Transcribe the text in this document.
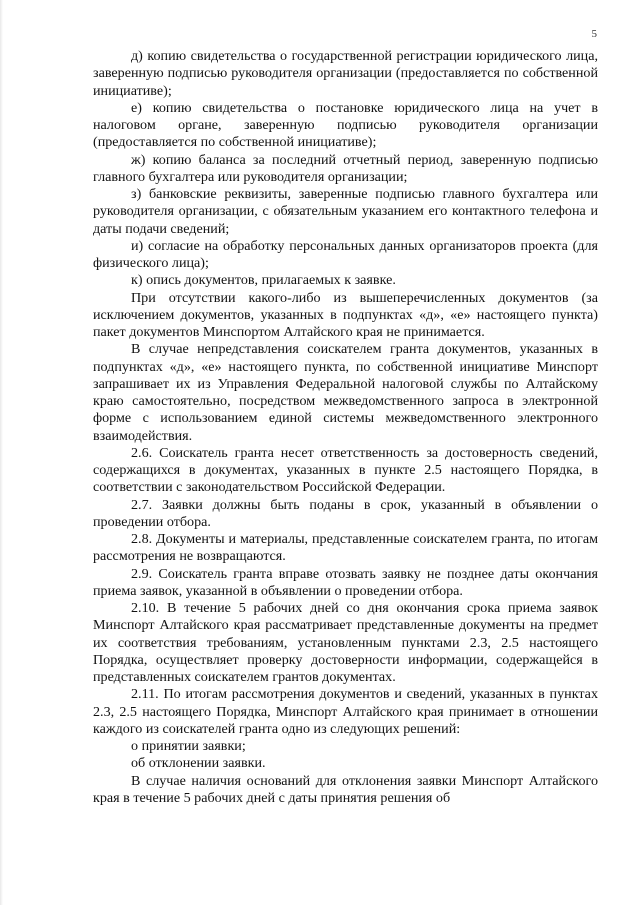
5

д) копию свидетельства о государственной регистрации юридического лица, заверенную подписью руководителя организации (предоставляется по собственной инициативе);

е) копию свидетельства о постановке юридического лица на учет в налоговом органе, заверенную подписью руководителя организации (предоставляется по собственной инициативе);

ж) копию баланса за последний отчетный период, заверенную подписью главного бухгалтера или руководителя организации;

з) банковские реквизиты, заверенные подписью главного бухгалтера или руководителя организации, с обязательным указанием его контактного телефона и даты подачи сведений;

и) согласие на обработку персональных данных организаторов проекта (для физического лица);

к) опись документов, прилагаемых к заявке.

При отсутствии какого-либо из вышеперечисленных документов (за исключением документов, указанных в подпунктах «д», «е» настоящего пункта) пакет документов Минспортом Алтайского края не принимается.

В случае непредставления соискателем гранта документов, указанных в подпунктах «д», «е» настоящего пункта, по собственной инициативе Минспорт запрашивает их из Управления Федеральной налоговой службы по Алтайскому краю самостоятельно, посредством межведомственного запроса в электронной форме с использованием единой системы межведомственного электронного взаимодействия.

2.6. Соискатель гранта несет ответственность за достоверность сведений, содержащихся в документах, указанных в пункте 2.5 настоящего Порядка, в соответствии с законодательством Российской Федерации.

2.7. Заявки должны быть поданы в срок, указанный в объявлении о проведении отбора.

2.8. Документы и материалы, представленные соискателем гранта, по итогам рассмотрения не возвращаются.

2.9. Соискатель гранта вправе отозвать заявку не позднее даты окончания приема заявок, указанной в объявлении о проведении отбора.

2.10. В течение 5 рабочих дней со дня окончания срока приема заявок Минспорт Алтайского края рассматривает представленные документы на предмет их соответствия требованиям, установленным пунктами 2.3, 2.5 настоящего Порядка, осуществляет проверку достоверности информации, содержащейся в представленных соискателем грантов документах.

2.11. По итогам рассмотрения документов и сведений, указанных в пунктах 2.3, 2.5 настоящего Порядка, Минспорт Алтайского края принимает в отношении каждого из соискателей гранта одно из следующих решений:

о принятии заявки;

об отклонении заявки.

В случае наличия оснований для отклонения заявки Минспорт Алтайского края в течение 5 рабочих дней с даты принятия решения об
